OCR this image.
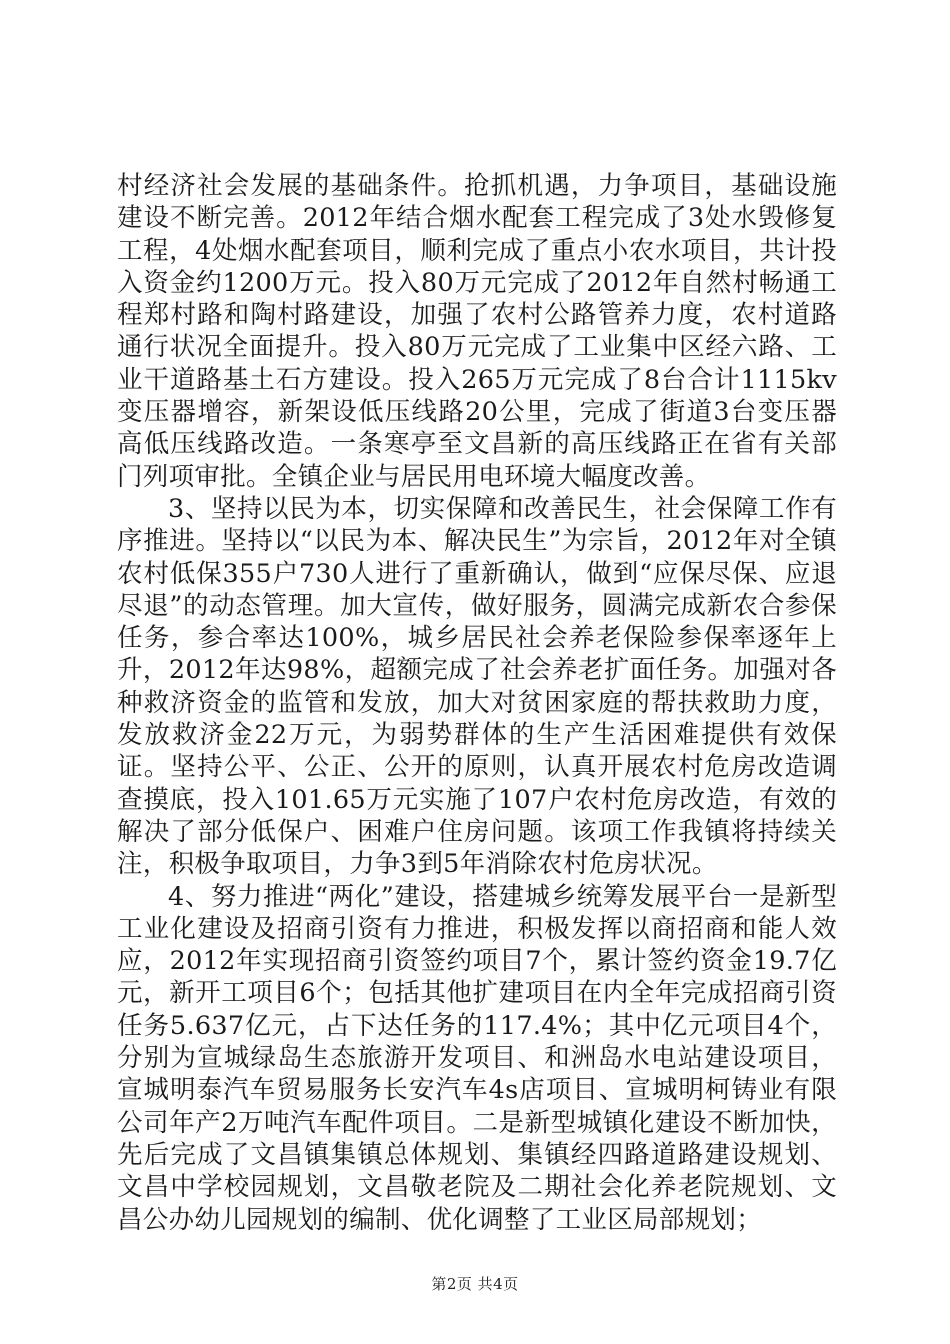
村经济社会发展的基础条件。抢抓机遇，力争项目，基础设施建设不断完善。2012年结合烟水配套工程完成了3处水毁修复工程，4处烟水配套项目，顺利完成了重点小农水项目，共计投入资金约1200万元。投入80万元完成了2012年自然村畅通工程郑村路和陶村路建设，加强了农村公路管养力度，农村道路通行状况全面提升。投入80万元完成了工业集中区经六路、工业干道路基土石方建设。投入265万元完成了8台合计1115kv变压器增容，新架设低压线路20公里，完成了街道3台变压器高低压线路改造。一条寒亭至文昌新的高压线路正在省有关部门列项审批。全镇企业与居民用电环境大幅度改善。

3、坚持以民为本，切实保障和改善民生，社会保障工作有序推进。坚持以“以民为本、解决民生”为宗旨，2012年对全镇农村低保355户730人进行了重新确认，做到“应保尽保、应退尽退”的动态管理。加大宣传，做好服务，圆满完成新农合参保任务，参合率达100%，城乡居民社会养老保险参保率逐年上升，2012年达98%，超额完成了社会养老扩面任务。加强对各种救济资金的监管和发放，加大对贫困家庭的帮扶救助力度，发放救济金22万元，为弱势群体的生产生活困难提供有效保证。坚持公平、公正、公开的原则，认真开展农村危房改造调查摸底，投入101.65万元实施了107户农村危房改造，有效的解决了部分低保户、困难户住房问题。该项工作我镇将持续关注，积极争取项目，力争3到5年消除农村危房状况。

4、努力推进“两化”建设，搭建城乡统筹发展平台一是新型工业化建设及招商引资有力推进，积极发挥以商招商和能人效应，2012年实现招商引资签约项目7个，累计签约资金19.7亿元，新开工项目6个；包括其他扩建项目在内全年完成招商引资任务5.637亿元，占下达任务的117.4%；其中亿元项目4个，分别为宣城绿岛生态旅游开发项目、和洲岛水电站建设项目，宣城明泰汽车贸易服务长安汽车4s店项目、宣城明柯铸业有限公司年产2万吨汽车配件项目。二是新型城镇化建设不断加快，先后完成了文昌镇集镇总体规划、集镇经四路道路建设规划、文昌中学校园规划，文昌敬老院及二期社会化养老院规划、文昌公办幼儿园规划的编制、优化调整了工业区局部规划；

第2页 共4页
